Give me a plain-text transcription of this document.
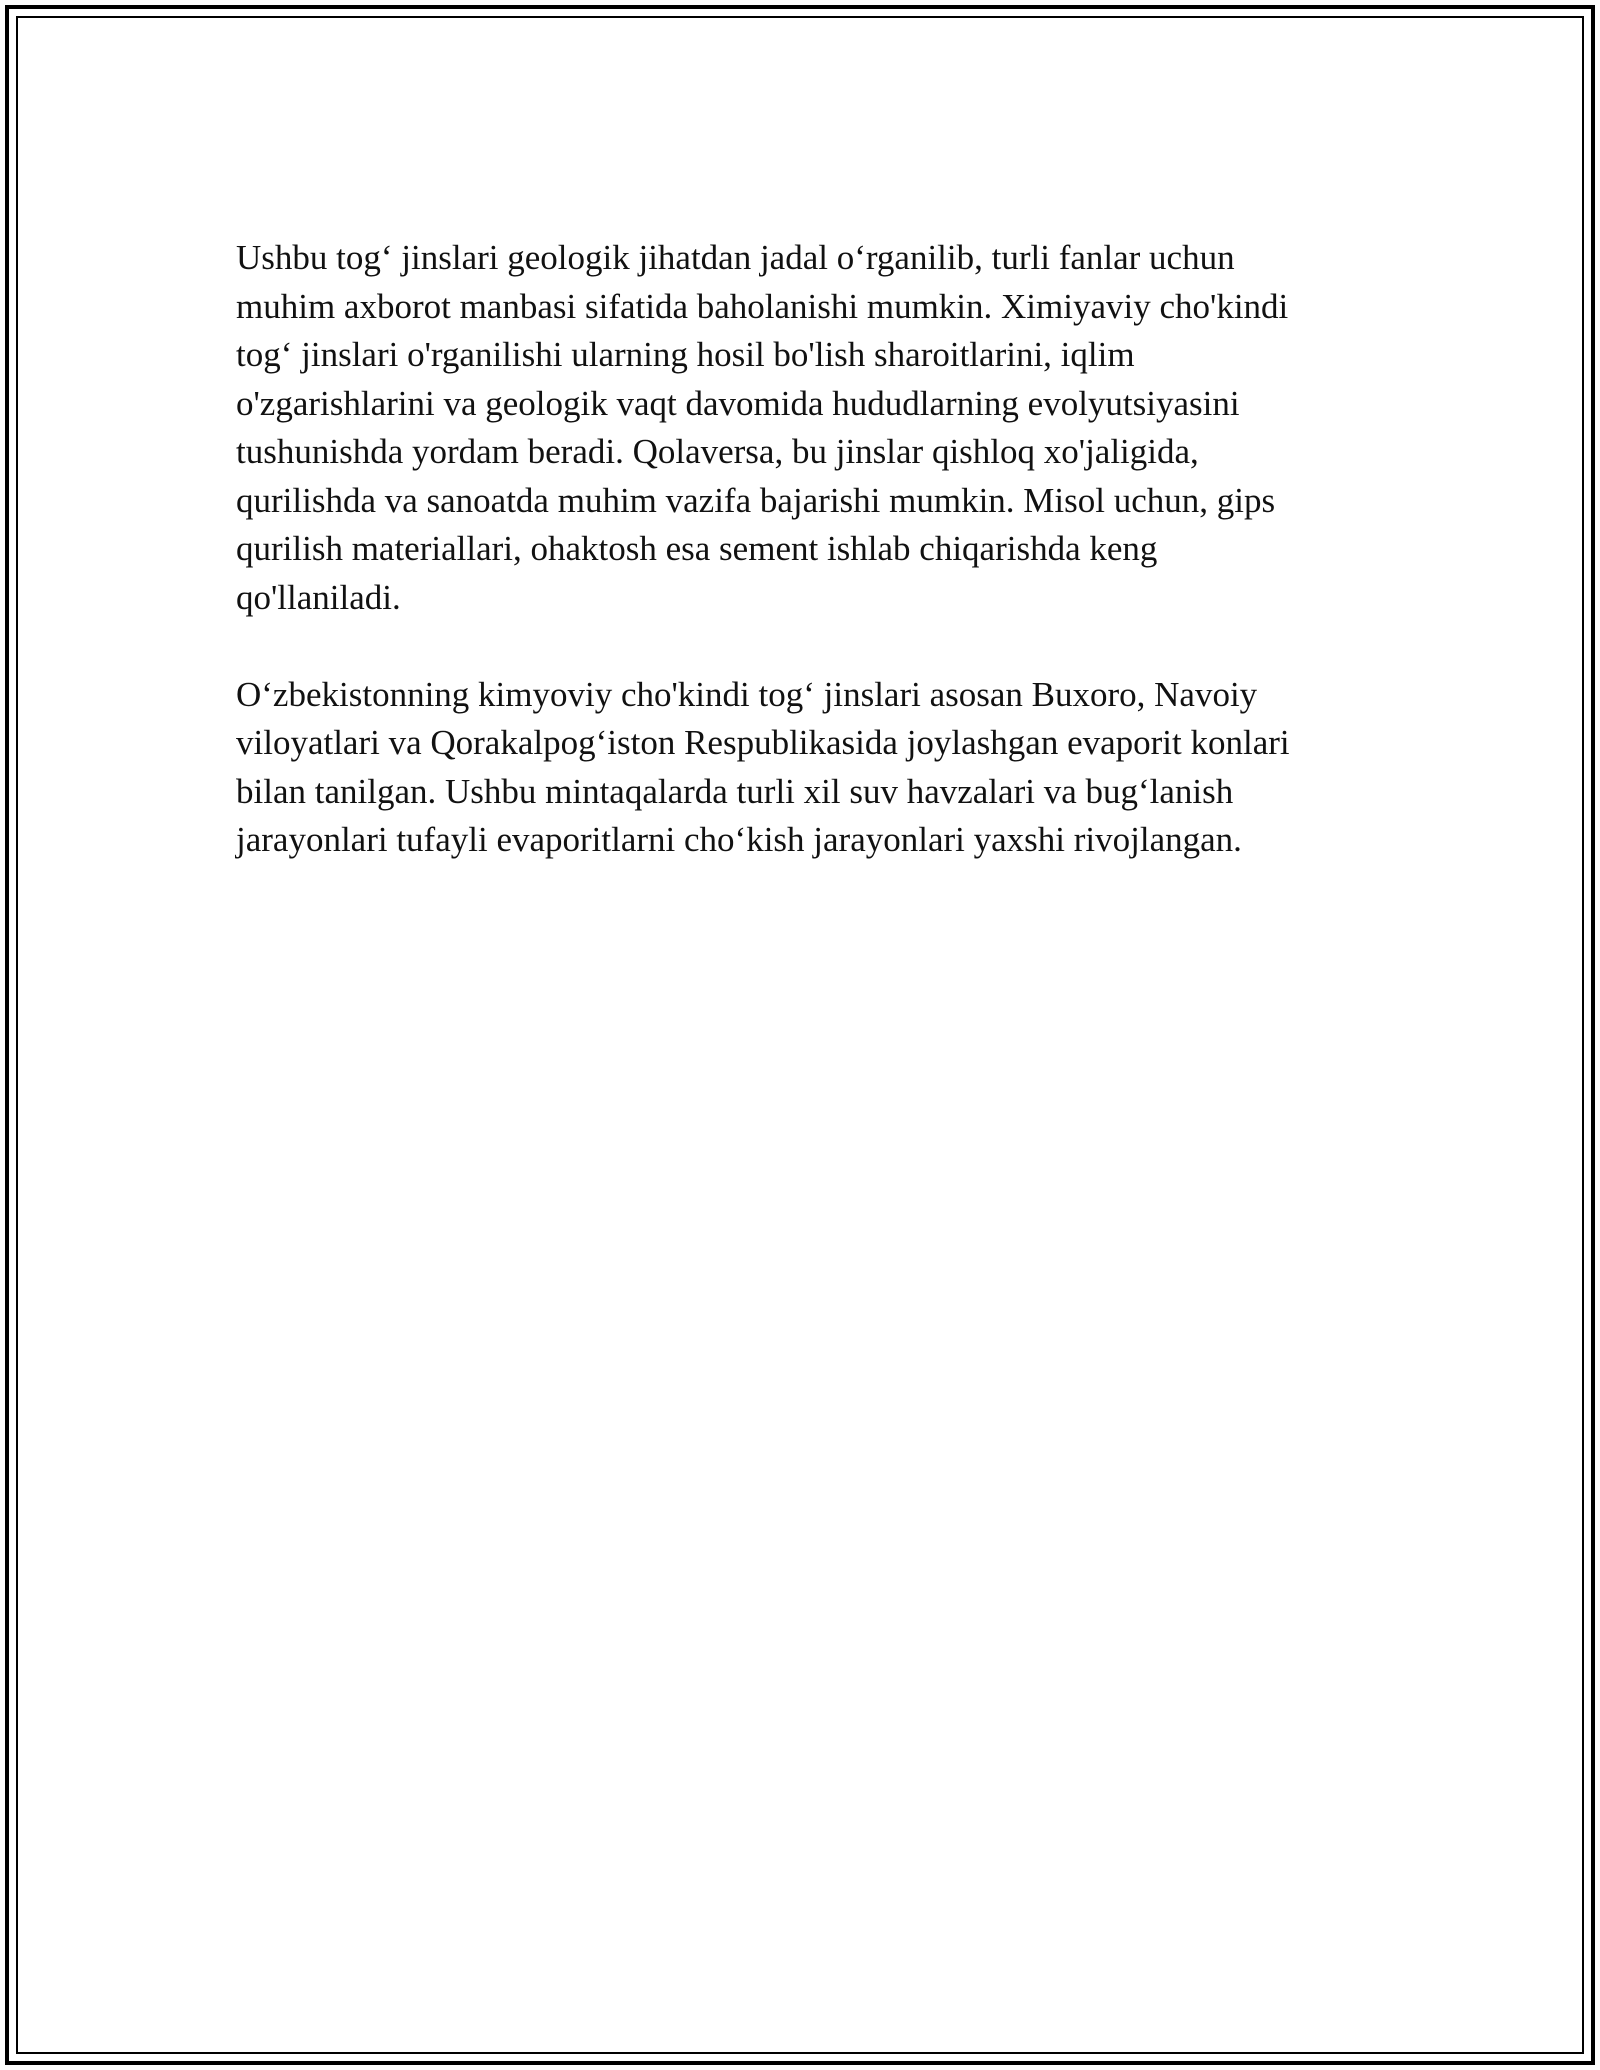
Ushbu tog‘ jinslari geologik jihatdan jadal o‘rganilib, turli fanlar uchun
muhim axborot manbasi sifatida baholanishi mumkin. Ximiyaviy cho'kindi
tog‘ jinslari o'rganilishi ularning hosil bo'lish sharoitlarini, iqlim
o'zgarishlarini va geologik vaqt davomida hududlarning evolyutsiyasini
tushunishda yordam beradi. Qolaversa, bu jinslar qishloq xo'jaligida,
qurilishda va sanoatda muhim vazifa bajarishi mumkin. Misol uchun, gips
qurilish materiallari, ohaktosh esa sement ishlab chiqarishda keng
qo'llaniladi.

O‘zbekistonning kimyoviy cho'kindi tog‘ jinslari asosan Buxoro, Navoiy
viloyatlari va Qorakalpog‘iston Respublikasida joylashgan evaporit konlari
bilan tanilgan. Ushbu mintaqalarda turli xil suv havzalari va bug‘lanish
jarayonlari tufayli evaporitlarni cho‘kish jarayonlari yaxshi rivojlangan.
